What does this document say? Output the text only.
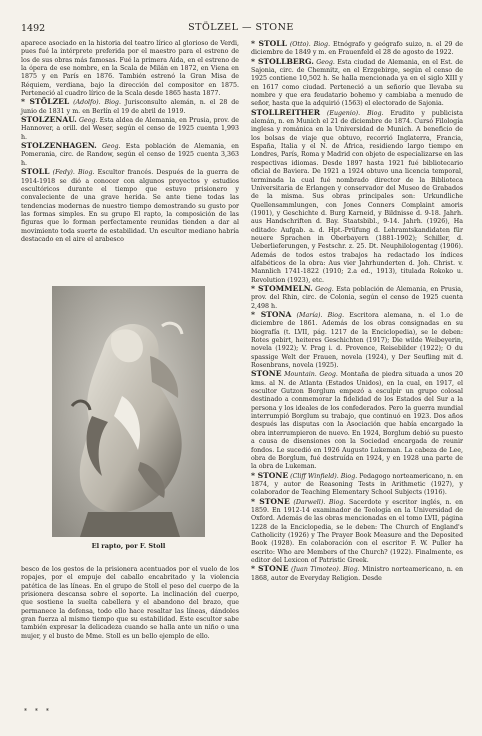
1492	STÖLZEL — STONE

aparece asociado en la historia del teatro lírico al glorioso de Verdi, pues fué la intérprete preferida por el maestro para el estreno de los de sus obras más famosas. Fué la primera Aida, en el estreno de la ópera de ese nombre, en la Scala de Milán en 1872, en Viena en 1875 y en París en 1876. También estrenó la Gran Misa de Réquiem, verdiana, bajo la dirección del compositor en 1875. Perteneció al cuadro lírico de la Scala desde 1865 hasta 1877.

* STÖLZEL (Adolfo). Biog. Jurisconsulto alemán, n. el 28 de junio de 1831 y m. en Berlín el 19 de abril de 1919.

STOLZENAU. Geog. Esta aldea de Alemania, en Prusia, prov. de Hannover, a orill. del Weser, según el censo de 1925 cuenta 1,993 h.

STOLZENHAGEN. Geog. Esta población de Alemania, en Pomerania, circ. de Randow, según el censo de 1925 cuenta 3,363 h.

STOLL (Fedy). Biog. Escultor francés. Después de la guerra de 1914-1918 se dió a conocer con algunos proyectos y estudios escultóricos durante el tiempo que estuvo prisionero y convaleciente de una grave herida. Se ante tiene todas las tendencias modernas de nuestro tiempo demostrando su gusto por las formas simples. En su grupo El rapto, la composición de las figuras que lo forman perfectamente reunidas tienden a dar al movimiento toda suerte de estabilidad. Un escultor mediano habría destacado en el aire el arabesco

El rapto, por F. Stoll

besco de los gestos de la prisionera acentuados por el vuelo de los ropajes, por el empuje del caballo encabritado y la violencia patética de las líneas. En el grupo de Stoll el peso del cuerpo de la prisionera descansa sobre el soporte. La inclinación del cuerpo, que sostiene la suelta cabellera y el abandono del brazo, que permanece la defensa, todo ello hace resaltar las líneas, dándoles gran fuerza al mismo tiempo que su estabilidad. Este escultor sabe también expresar la delicadeza cuando se halla ante un niño o una mujer, y el busto de Mme. Stoll es un bello ejemplo de ello.

* STOLL (Otto). Biog. Etnógrafo y geógrafo suizo, n. el 29 de diciembre de 1849 y m. en Frauenfeld el 28 de agosto de 1922.

* STOLLBERG. Geog. Esta ciudad de Alemania, en el Est. de Sajonia, circ. de Chemnitz, en el Erzgebirge, según el censo de 1925 contiene 10,502 h. Se halla mencionada ya en el siglo XIII y en 1617 como ciudad. Perteneció a un señorío que llevaba su nombre y que era feudatario bohemo y cambiaba a menudo de señor, hasta que la adquirió (1563) el electorado de Sajonia.

STOLLREITHER (Eugenio). Biog. Erudito y publicista alemán, n. en Munich el 21 de diciembre de 1874. Cursó Filología inglesa y románica en la Universidad de Munich. A beneficio de los bolsas de viaje que obtuvo, recorrió Inglaterra, Francia, España, Italia y el N. de África, residiendo largo tiempo en Londres, París, Roma y Madrid con objeto de especializarse en las respectivas idiomas. Desde 1897 hasta 1921 fué bibliotecario oficial de Baviera. De 1921 a 1924 obtuvo una licencia temporal, terminada la cual fué nombrado director de la Biblioteca Universitaria de Erlangen y conservador del Museo de Grabados de la misma. Sus obras principales son: Urkundliche Quellensammlungen, con Jones Conners Complaint amoris (1901), y Geschichte d. Burg Karneid, y Bildnisse d. 9-18. Jahrh. aus Handschriften d. Bay. Staatsbibl., 9-14. Jahrh. (1926), Ha editado: Aufgab. a. d. Hpt.-Prüfung d. Lehramtskandidaten für neuere Sprachen in Oberbayern (1881-1902); Schiller, d. Ueberlieferungen, y Festschr. z. 25. Dt. Neuphilologentag (1906). Además de todos estos trabajos ha redactado los índices alfabéticos de la obra: Aus vier Jahrhunderten d. Joh. Christ. v. Mannlich 1741-1822 (1910; 2.a ed., 1913), titulada Rokoko u. Revolution (1923), etc.

* STOMMELN. Geog. Esta población de Alemania, en Prusia, prov. del Rhin, circ. de Colonia, según el censo de 1925 cuenta 2,498 h.

* STONA (María). Biog. Escritora alemana, n. el 1.o de diciembre de 1861. Además de los obras consignadas en su biografía (t. LVII, pág. 1217 de la Enciclopedia), se le deben: Rotes gebirt, heiteres Geschichten (1917); Die wilde Weibeyerin, novela (1922); V. Prag i. d. Provence, Reisebilder (1922); O du spassige Welt der Frauen, novela (1924), y Der Seufling mit d. Rosenbrans, novela (1925).

STONE Mountain. Geog. Montaña de piedra situada a unos 20 kms. al N. de Atlanta (Estados Unidos), en la cual, en 1917, el escultor Gutzon Borglum empezó a esculpir un grupo colosal destinado a conmemorar la fidelidad de los Estados del Sur a la persona y los ideales de los confederados. Pero la guerra mundial interrumpió Borglum su trabajo, que continuó en 1923. Dos años después las disputas con la Asociación que había encargado la obra interrumpieron de nuevo. En 1924, Borglum debió su puesto a causa de disensiones con la Sociedad encargada de reunir fondos. Le sucedió en 1926 Augusto Lukeman. La cabeza de Lee, obra de Borglum, fué destruída en 1924, y en 1928 una parte de la obra de Lukeman.

* STONE (Cliff Winfield). Biog. Pedagogo norteamericano, n. en 1874, y autor de Reasoning Tests in Arithmetic (1927), y colaborador de Teaching Elementary School Subjects (1916).

* STONE (Darwell). Biog. Sacerdote y escritor inglés, n. en 1859. En 1912-14 examinador de Teología en la Universidad de Oxford. Además de las obras mencionadas en el tomo LVII, página 1228 de la Enciclopedia, se le deben: The Church of England's Catholicity (1926) y The Prayer Book Measure and the Deposited Book (1928). En colaboración con el escritor F. W. Puller ha escrito: Who are Members of the Church? (1922). Finalmente, es editor del Lexicon of Patristic Greek.

* STONE (Juan Timoteo). Biog. Ministro norteamericano, n. en 1868, autor de Everyday Religion. Desde

* * *
